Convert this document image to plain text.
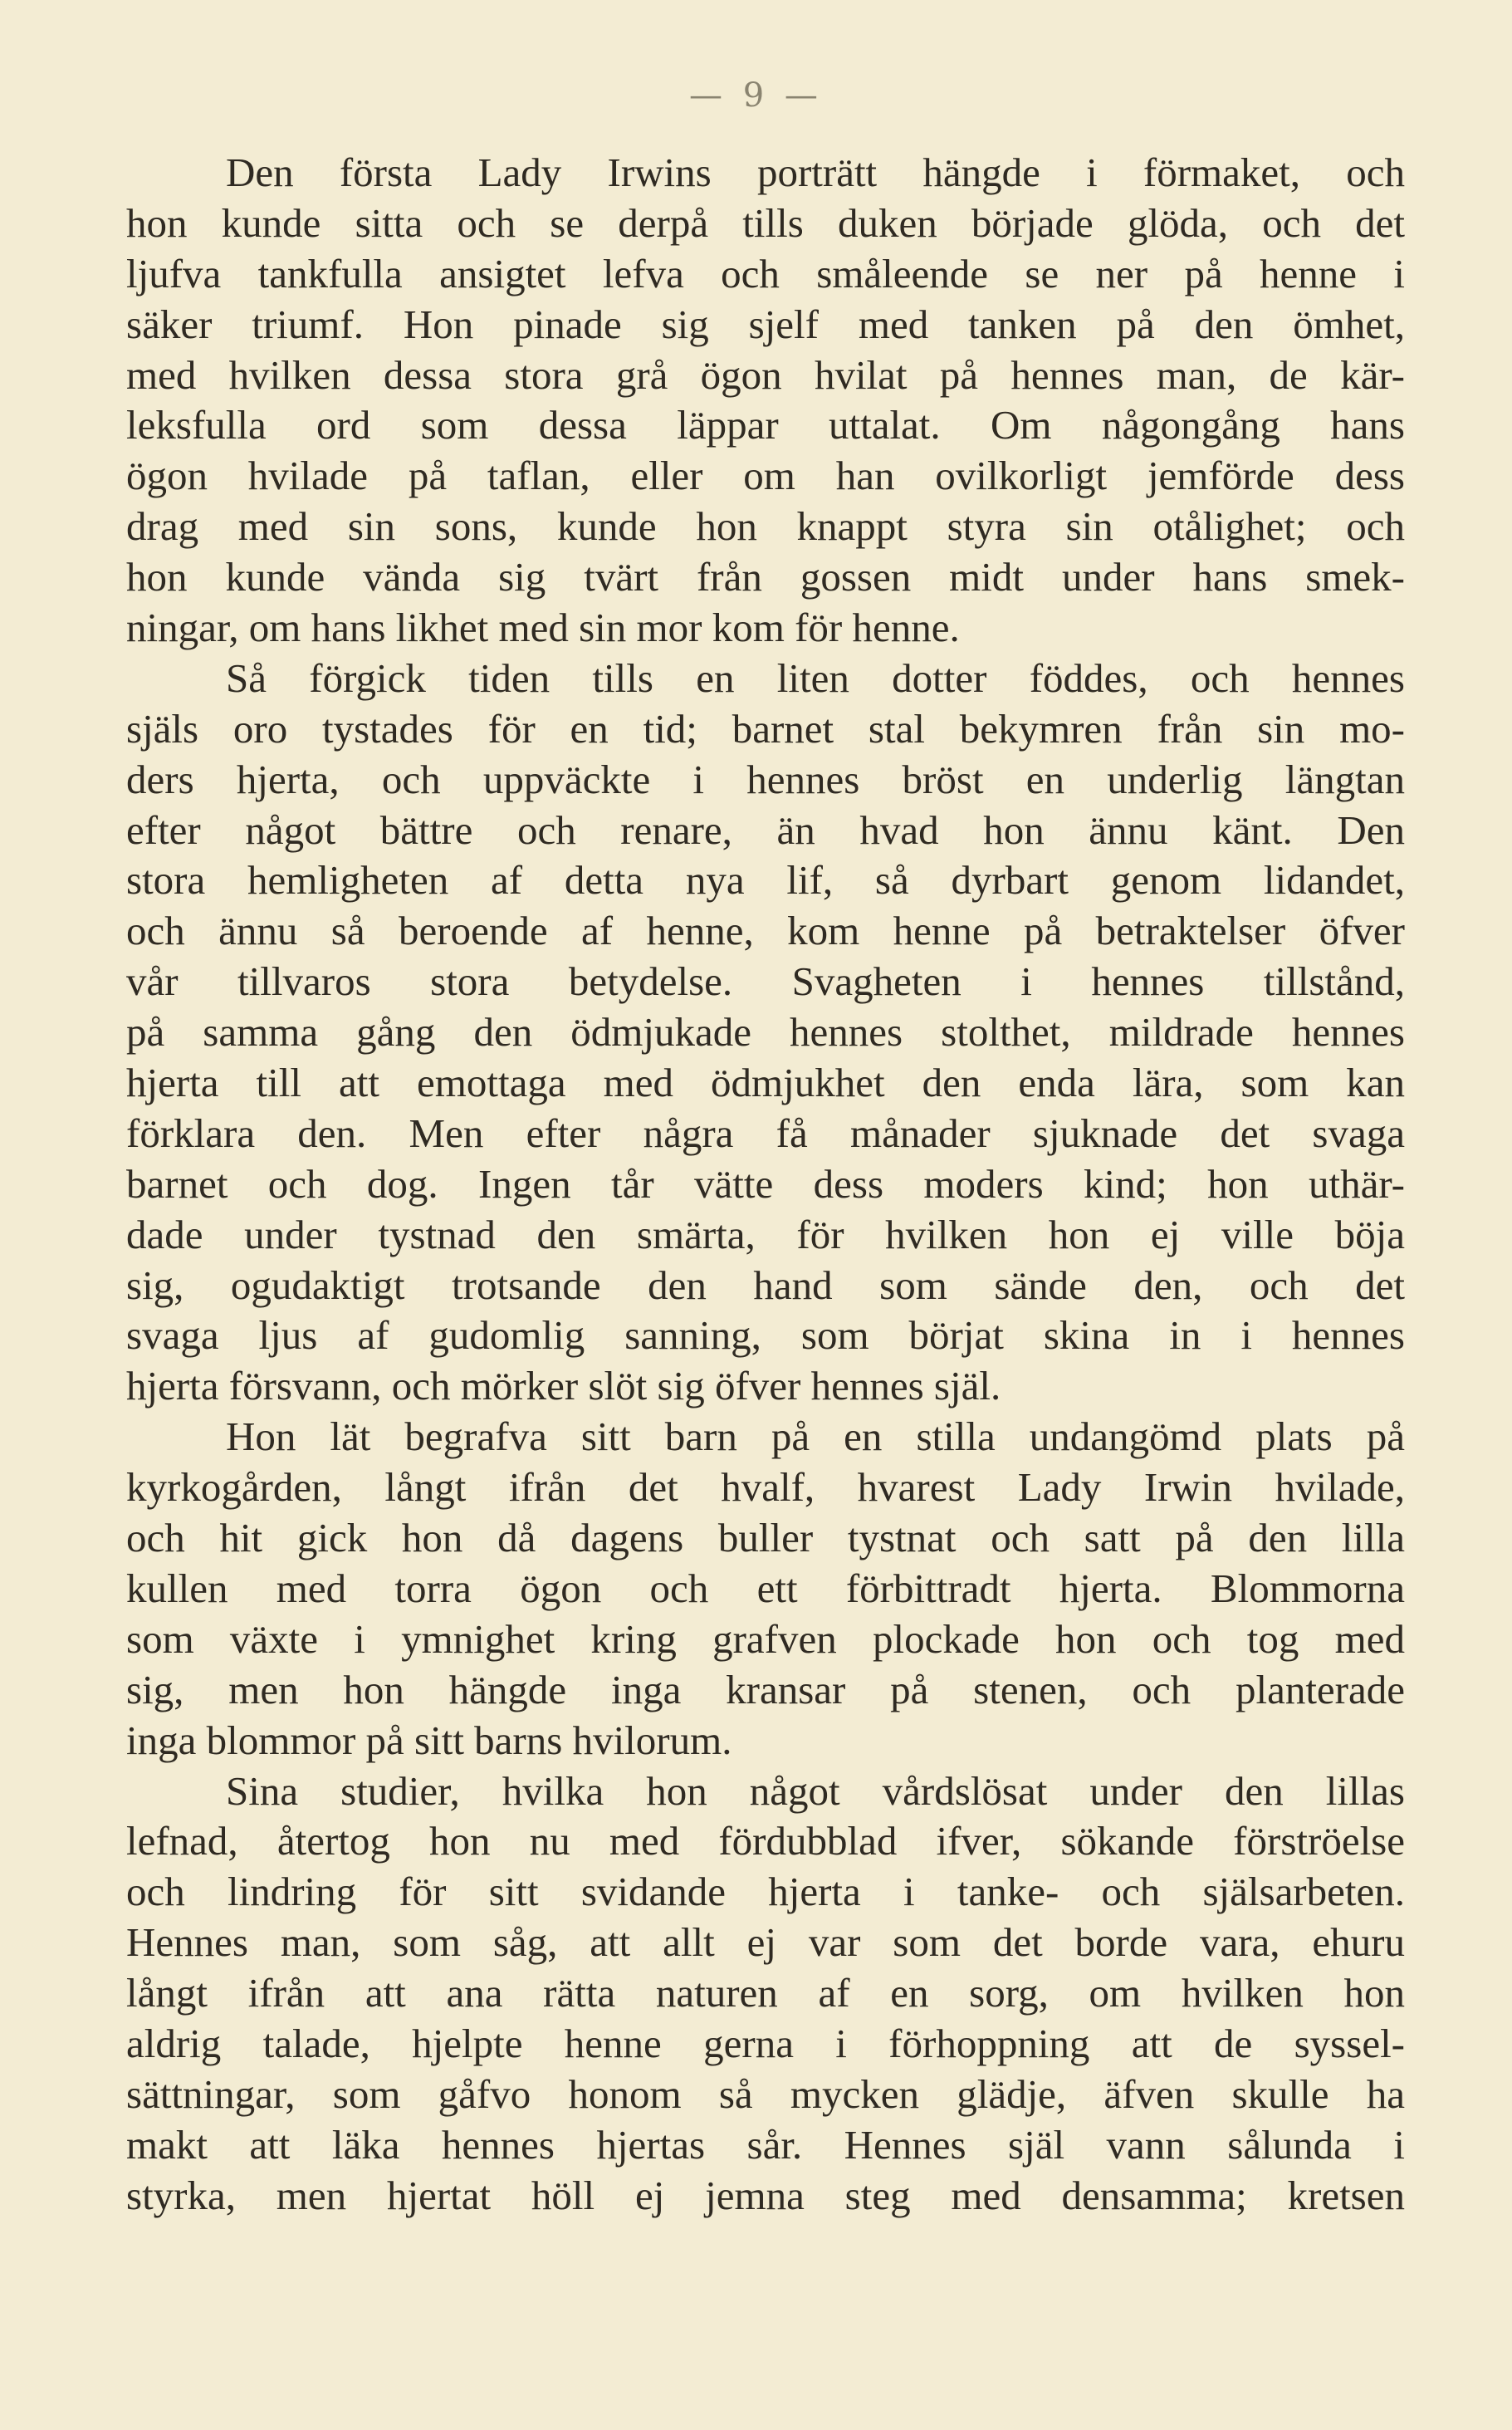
— 9 —
Den första Lady Irwins porträtt hängde i förmaket, och
hon kunde sitta och se derpå tills duken började glöda, och det
ljufva tankfulla ansigtet lefva och småleende se ner på henne i
säker triumf. Hon pinade sig sjelf med tanken på den ömhet,
med hvilken dessa stora grå ögon hvilat på hennes man, de kär-
leksfulla ord som dessa läppar uttalat. Om någongång hans
ögon hvilade på taflan, eller om han ovilkorligt jemförde dess
drag med sin sons, kunde hon knappt styra sin otålighet; och
hon kunde vända sig tvärt från gossen midt under hans smek-
ningar, om hans likhet med sin mor kom för henne.
Så förgick tiden tills en liten dotter föddes, och hennes
själs oro tystades för en tid; barnet stal bekymren från sin mo-
ders hjerta, och uppväckte i hennes bröst en underlig längtan
efter något bättre och renare, än hvad hon ännu känt. Den
stora hemligheten af detta nya lif, så dyrbart genom lidandet,
och ännu så beroende af henne, kom henne på betraktelser öfver
vår tillvaros stora betydelse. Svagheten i hennes tillstånd,
på samma gång den ödmjukade hennes stolthet, mildrade hennes
hjerta till att emottaga med ödmjukhet den enda lära, som kan
förklara den. Men efter några få månader sjuknade det svaga
barnet och dog. Ingen tår vätte dess moders kind; hon uthär-
dade under tystnad den smärta, för hvilken hon ej ville böja
sig, ogudaktigt trotsande den hand som sände den, och det
svaga ljus af gudomlig sanning, som börjat skina in i hennes
hjerta försvann, och mörker slöt sig öfver hennes själ.
Hon lät begrafva sitt barn på en stilla undangömd plats på
kyrkogården, långt ifrån det hvalf, hvarest Lady Irwin hvilade,
och hit gick hon då dagens buller tystnat och satt på den lilla
kullen med torra ögon och ett förbittradt hjerta. Blommorna
som växte i ymnighet kring grafven plockade hon och tog med
sig, men hon hängde inga kransar på stenen, och planterade
inga blommor på sitt barns hvilorum.
Sina studier, hvilka hon något vårdslösat under den lillas
lefnad, återtog hon nu med fördubblad ifver, sökande förströelse
och lindring för sitt svidande hjerta i tanke- och själsarbeten.
Hennes man, som såg, att allt ej var som det borde vara, ehuru
långt ifrån att ana rätta naturen af en sorg, om hvilken hon
aldrig talade, hjelpte henne gerna i förhoppning att de syssel-
sättningar, som gåfvo honom så mycken glädje, äfven skulle ha
makt att läka hennes hjertas sår. Hennes själ vann sålunda i
styrka, men hjertat höll ej jemna steg med densamma; kretsen
